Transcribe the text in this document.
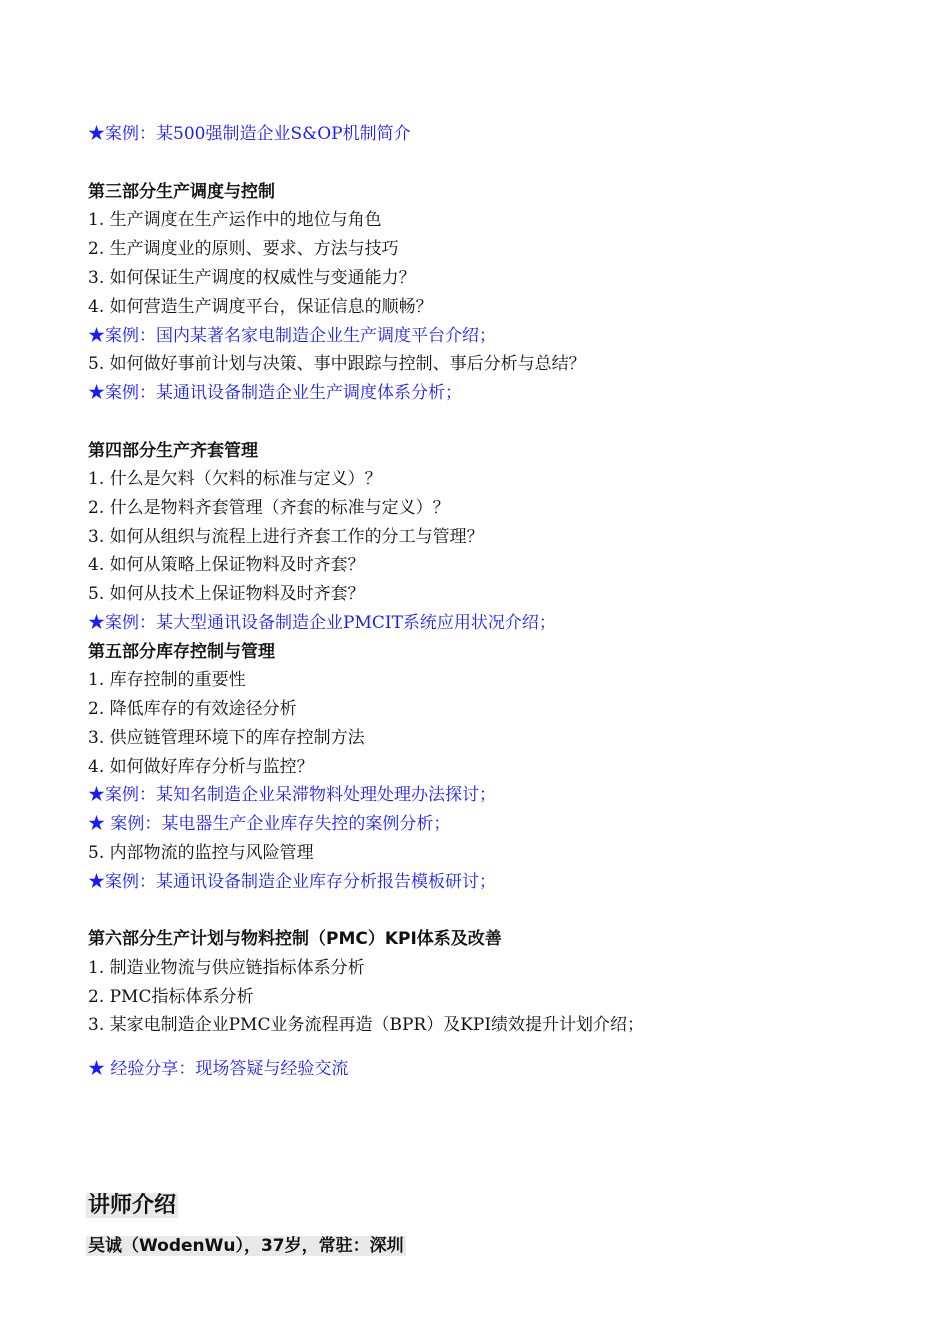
★案例：某500强制造企业S&OP机制简介
第三部分生产调度与控制
1. 生产调度在生产运作中的地位与角色
2. 生产调度业的原则、要求、方法与技巧
3. 如何保证生产调度的权威性与变通能力？
4. 如何营造生产调度平台，保证信息的顺畅？
★案例：国内某著名家电制造企业生产调度平台介绍；
5. 如何做好事前计划与决策、事中跟踪与控制、事后分析与总结？
★案例：某通讯设备制造企业生产调度体系分析；
第四部分生产齐套管理
1. 什么是欠料（欠料的标准与定义）？
2. 什么是物料齐套管理（齐套的标准与定义）？
3. 如何从组织与流程上进行齐套工作的分工与管理？
4. 如何从策略上保证物料及时齐套？
5. 如何从技术上保证物料及时齐套？
★案例：某大型通讯设备制造企业PMCIT系统应用状况介绍；
第五部分库存控制与管理
1. 库存控制的重要性
2. 降低库存的有效途径分析
3. 供应链管理环境下的库存控制方法
4. 如何做好库存分析与监控？
★案例：某知名制造企业呆滞物料处理处理办法探讨；
★ 案例：某电器生产企业库存失控的案例分析；
5. 内部物流的监控与风险管理
★案例：某通讯设备制造企业库存分析报告模板研讨；
第六部分生产计划与物料控制（PMC）KPI体系及改善
1. 制造业物流与供应链指标体系分析
2. PMC指标体系分析
3. 某家电制造企业PMC业务流程再造（BPR）及KPI绩效提升计划介绍；
★ 经验分享：现场答疑与经验交流
讲师介绍
吴诚（WodenWu），37岁，常驻：深圳
